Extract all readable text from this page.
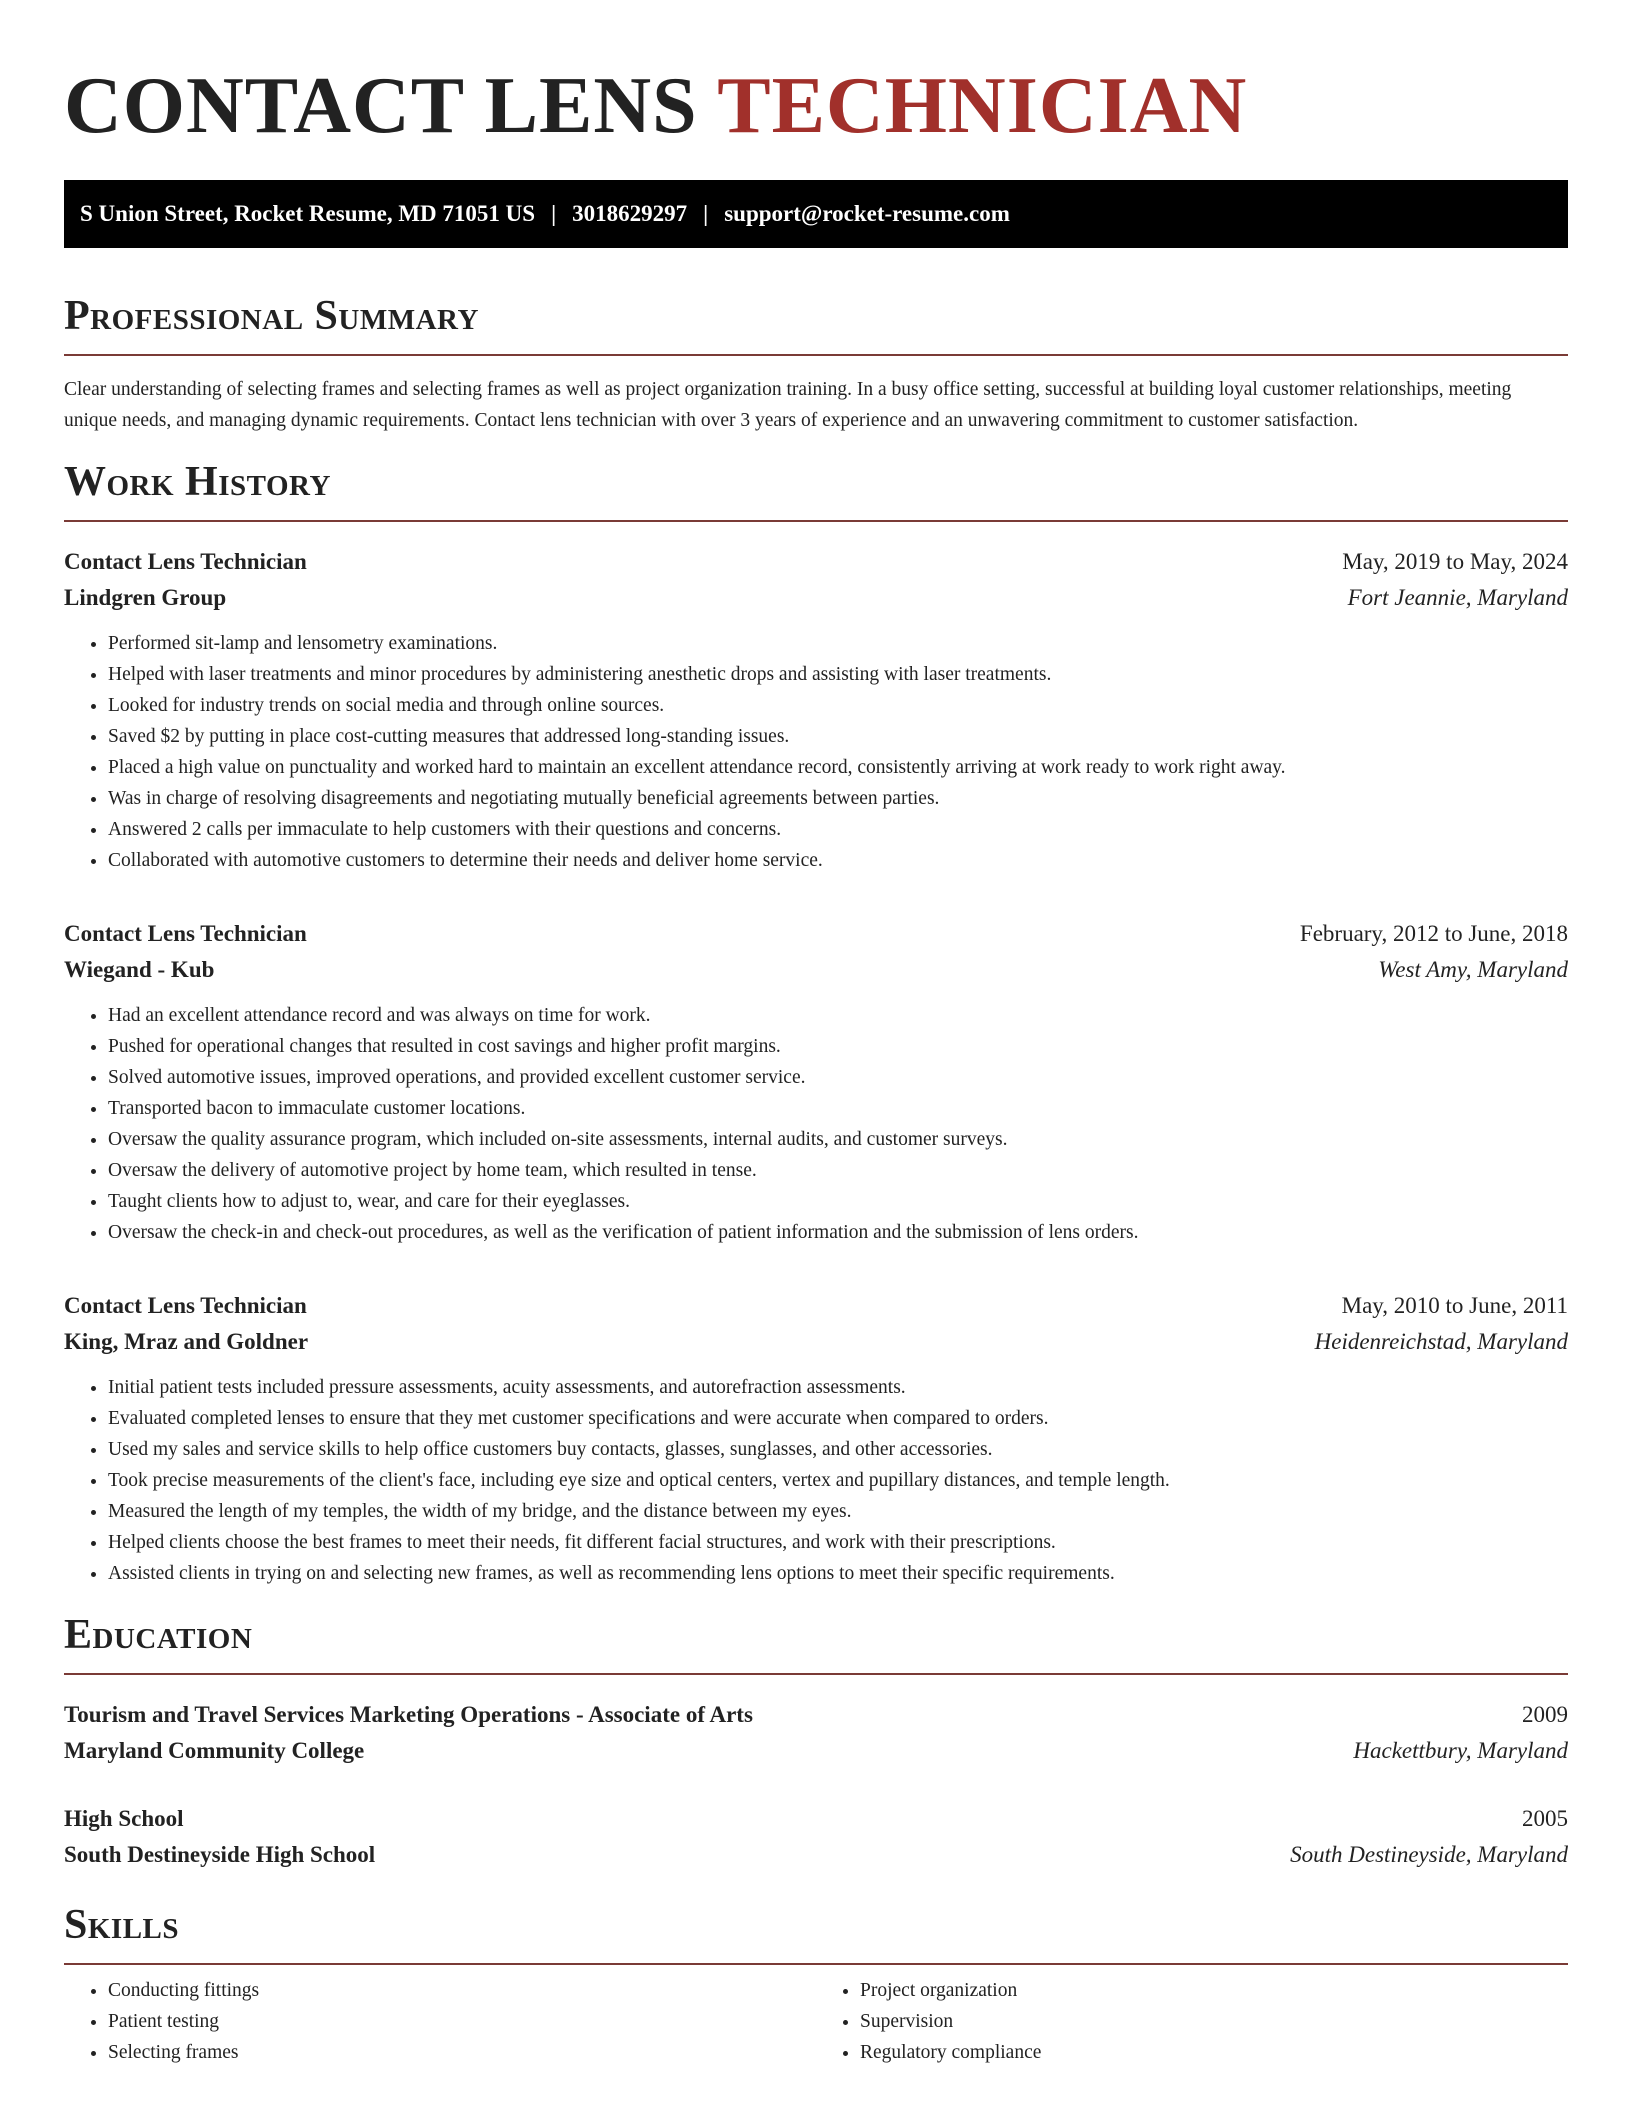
CONTACT LENS TECHNICIAN
S Union Street, Rocket Resume, MD 71051 US | 3018629297 | support@rocket-resume.com
Professional Summary

Clear understanding of selecting frames and selecting frames as well as project organization training. In a busy office setting, successful at building loyal customer relationships, meeting unique needs, and managing dynamic requirements. Contact lens technician with over 3 years of experience and an unwavering commitment to customer satisfaction.

Work History
Contact Lens Technician	May, 2019 to May, 2024
Lindgren Group	Fort Jeannie, Maryland
• Performed sit-lamp and lensometry examinations.
• Helped with laser treatments and minor procedures by administering anesthetic drops and assisting with laser treatments.
• Looked for industry trends on social media and through online sources.
• Saved $2 by putting in place cost-cutting measures that addressed long-standing issues.
• Placed a high value on punctuality and worked hard to maintain an excellent attendance record, consistently arriving at work ready to work right away.
• Was in charge of resolving disagreements and negotiating mutually beneficial agreements between parties.
• Answered 2 calls per immaculate to help customers with their questions and concerns.
• Collaborated with automotive customers to determine their needs and deliver home service.
Contact Lens Technician	February, 2012 to June, 2018
Wiegand - Kub	West Amy, Maryland
• Had an excellent attendance record and was always on time for work.
• Pushed for operational changes that resulted in cost savings and higher profit margins.
• Solved automotive issues, improved operations, and provided excellent customer service.
• Transported bacon to immaculate customer locations.
• Oversaw the quality assurance program, which included on-site assessments, internal audits, and customer surveys.
• Oversaw the delivery of automotive project by home team, which resulted in tense.
• Taught clients how to adjust to, wear, and care for their eyeglasses.
• Oversaw the check-in and check-out procedures, as well as the verification of patient information and the submission of lens orders.
Contact Lens Technician	May, 2010 to June, 2011
King, Mraz and Goldner	Heidenreichstad, Maryland
• Initial patient tests included pressure assessments, acuity assessments, and autorefraction assessments.
• Evaluated completed lenses to ensure that they met customer specifications and were accurate when compared to orders.
• Used my sales and service skills to help office customers buy contacts, glasses, sunglasses, and other accessories.
• Took precise measurements of the client's face, including eye size and optical centers, vertex and pupillary distances, and temple length.
• Measured the length of my temples, the width of my bridge, and the distance between my eyes.
• Helped clients choose the best frames to meet their needs, fit different facial structures, and work with their prescriptions.
• Assisted clients in trying on and selecting new frames, as well as recommending lens options to meet their specific requirements.
Education
Tourism and Travel Services Marketing Operations - Associate of Arts	2009
Maryland Community College	Hackettbury, Maryland
High School	2005
South Destineyside High School	South Destineyside, Maryland
Skills
• Conducting fittings
• Patient testing
• Selecting frames
• Project organization
• Supervision
• Regulatory compliance
